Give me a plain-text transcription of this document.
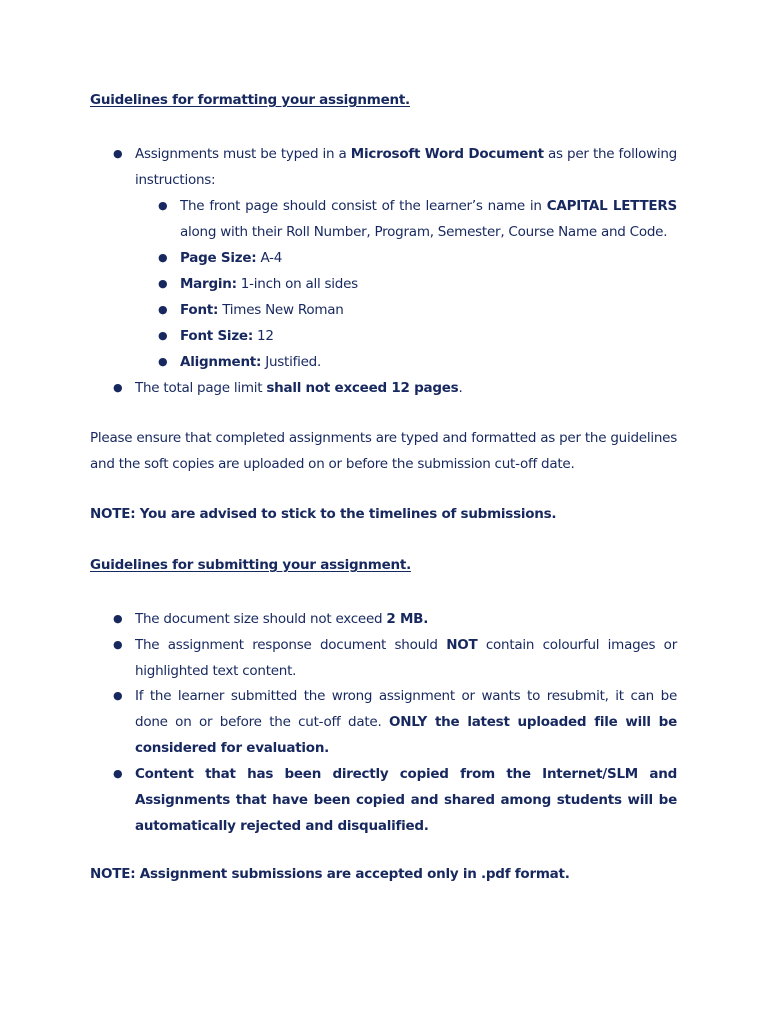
Guidelines for formatting your assignment.
● Assignments must be typed in a Microsoft Word Document as per the following instructions:
● The front page should consist of the learner’s name in CAPITAL LETTERS along with their Roll Number, Program, Semester, Course Name and Code.
● Page Size: A-4
● Margin: 1-inch on all sides
● Font: Times New Roman
● Font Size: 12
● Alignment: Justified.
● The total page limit shall not exceed 12 pages.
Please ensure that completed assignments are typed and formatted as per the guidelines and the soft copies are uploaded on or before the submission cut-off date.
NOTE: You are advised to stick to the timelines of submissions.
Guidelines for submitting your assignment.
● The document size should not exceed 2 MB.
● The assignment response document should NOT contain colourful images or highlighted text content.
● If the learner submitted the wrong assignment or wants to resubmit, it can be done on or before the cut-off date. ONLY the latest uploaded file will be considered for evaluation.
● Content that has been directly copied from the Internet/SLM and Assignments that have been copied and shared among students will be automatically rejected and disqualified.
NOTE: Assignment submissions are accepted only in .pdf format.
